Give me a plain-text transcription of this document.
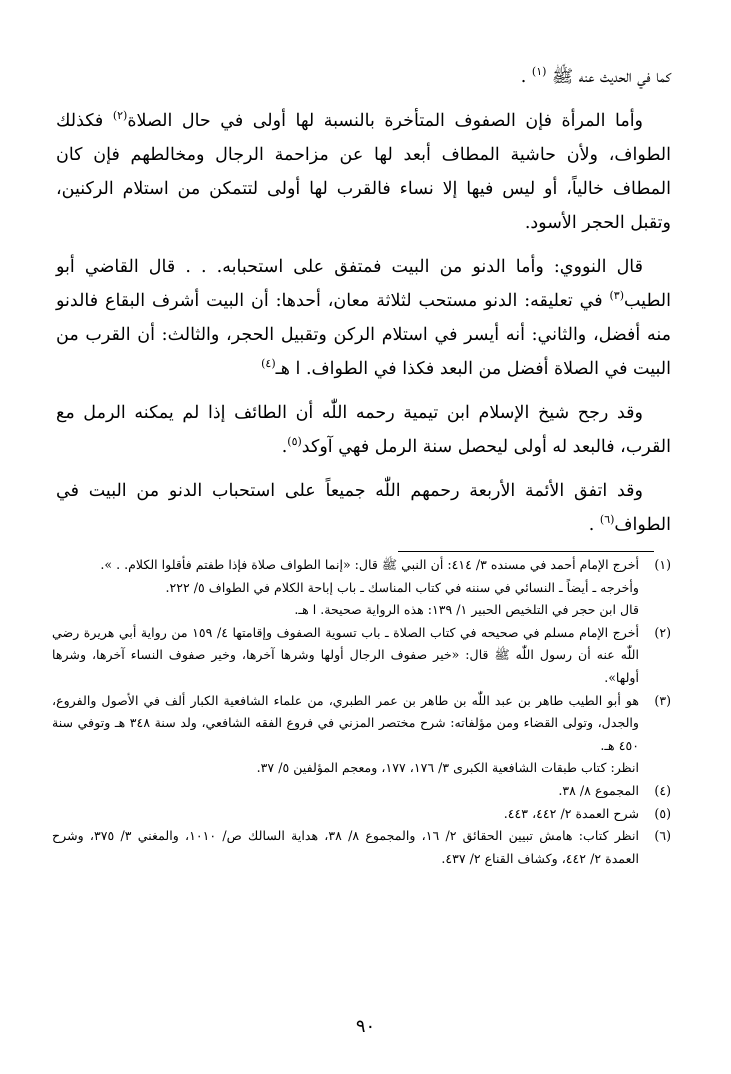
كما في الحديث عنه ﷺ $^{(١)}$ .

وأما المرأة فإن الصفوف المتأخرة بالنسبة لها أولى في حال الصلاة$^{(٢)}$ فكذلك الطواف، ولأن حاشية المطاف أبعد لها عن مزاحمة الرجال ومخالطهم فإن كان المطاف خالياً، أو ليس فيها إلا نساء فالقرب لها أولى لتتمكن من استلام الركنين، وتقبل الحجر الأسود.

قال النووي: وأما الدنو من البيت فمتفق على استحبابه. . . قال القاضي أبو الطيب$^{(٣)}$ في تعليقه: الدنو مستحب لثلاثة معان، أحدها: أن البيت أشرف البقاع فالدنو منه أفضل، والثاني: أنه أيسر في استلام الركن وتقبيل الحجر، والثالث: أن القرب من البيت في الصلاة أفضل من البعد فكذا في الطواف. ا هـ$^{(٤)}$

وقد رجح شيخ الإسلام ابن تيمية رحمه اللّٰه أن الطائف إذا لم يمكنه الرمل مع القرب، فالبعد له أولى ليحصل سنة الرمل فهي آوكد$^{(٥)}$.

وقد اتفق الأئمة الأربعة رحمهم اللّٰه جميعاً على استحباب الدنو من البيت في الطواف$^{(٦)}$ .

(١)
أخرج الإمام أحمد في مسنده ٣/ ٤١٤: أن النبي ﷺ قال: «إنما الطواف صلاة فإذا طفتم فأقلوا الكلام. . ».
وأخرجه ـ أيضاً ـ النسائي في سننه في كتاب المناسك ـ باب إباحة الكلام في الطواف ٥/ ٢٢٢.
قال ابن حجر في التلخيص الحبير ١/ ١٣٩: هذه الرواية صحيحة. ا هـ.
(٢)
أخرج الإمام مسلم في صحيحه في كتاب الصلاة ـ باب تسوية الصفوف وإقامتها ٤/ ١٥٩ من رواية أبي هريرة رضي اللّٰه عنه أن رسول اللّٰه ﷺ قال: «خير صفوف الرجال أولها وشرها آخرها، وخير صفوف النساء آخرها، وشرها أولها».
(٣)
هو أبو الطيب طاهر بن عبد اللّٰه بن طاهر بن عمر الطبري، من علماء الشافعية الكبار ألف في الأصول والفروع، والجدل، وتولى القضاء ومن مؤلفاته: شرح مختصر المزني في فروع الفقه الشافعي، ولد سنة ٣٤٨ هـ وتوفي سنة ٤٥٠ هـ.
انظر: كتاب طبقات الشافعية الكبرى ٣/ ١٧٦، ١٧٧، ومعجم المؤلفين ٥/ ٣٧.
(٤)
المجموع ٨/ ٣٨.
(٥)
شرح العمدة ٢/ ٤٤٢، ٤٤٣.
(٦)
انظر كتاب: هامش تبيين الحقائق ٢/ ١٦، والمجموع ٨/ ٣٨، هداية السالك ص/ ١٠١٠، والمغني ٣/ ٣٧٥، وشرح العمدة ٢/ ٤٤٢، وكشاف القناع ٢/ ٤٣٧.
٩٠
